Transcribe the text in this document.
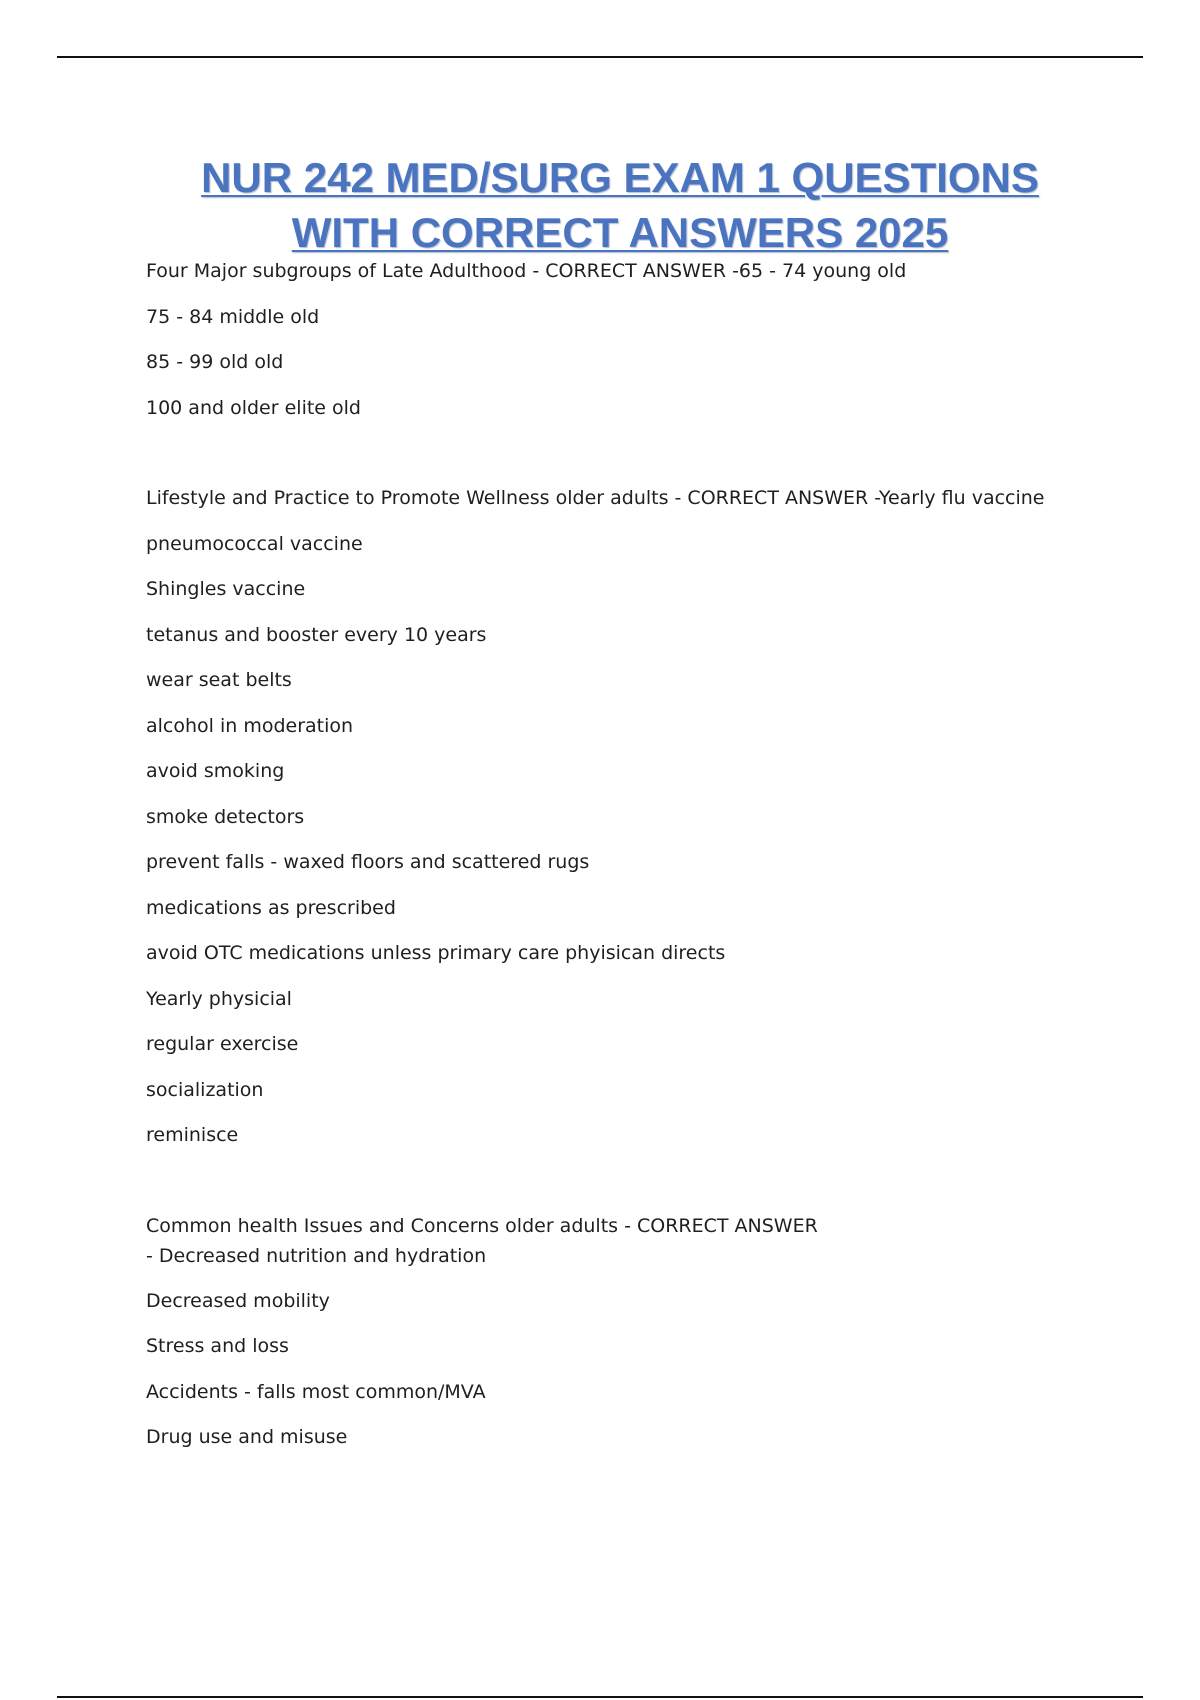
NUR 242 MED/SURG EXAM 1 QUESTIONS
WITH CORRECT ANSWERS 2025
Four Major subgroups of Late Adulthood - CORRECT ANSWER -65 - 74 young old
75 - 84 middle old
85 - 99 old old
100 and older elite old
Lifestyle and Practice to Promote Wellness older adults - CORRECT ANSWER -Yearly flu vaccine
pneumococcal vaccine
Shingles vaccine
tetanus and booster every 10 years
wear seat belts
alcohol in moderation
avoid smoking
smoke detectors
prevent falls - waxed floors and scattered rugs
medications as prescribed
avoid OTC medications unless primary care phyisican directs
Yearly physicial
regular exercise
socialization
reminisce
Common health Issues and Concerns older adults - CORRECT ANSWER - Decreased nutrition and hydration
Decreased mobility
Stress and loss
Accidents - falls most common/MVA
Drug use and misuse
